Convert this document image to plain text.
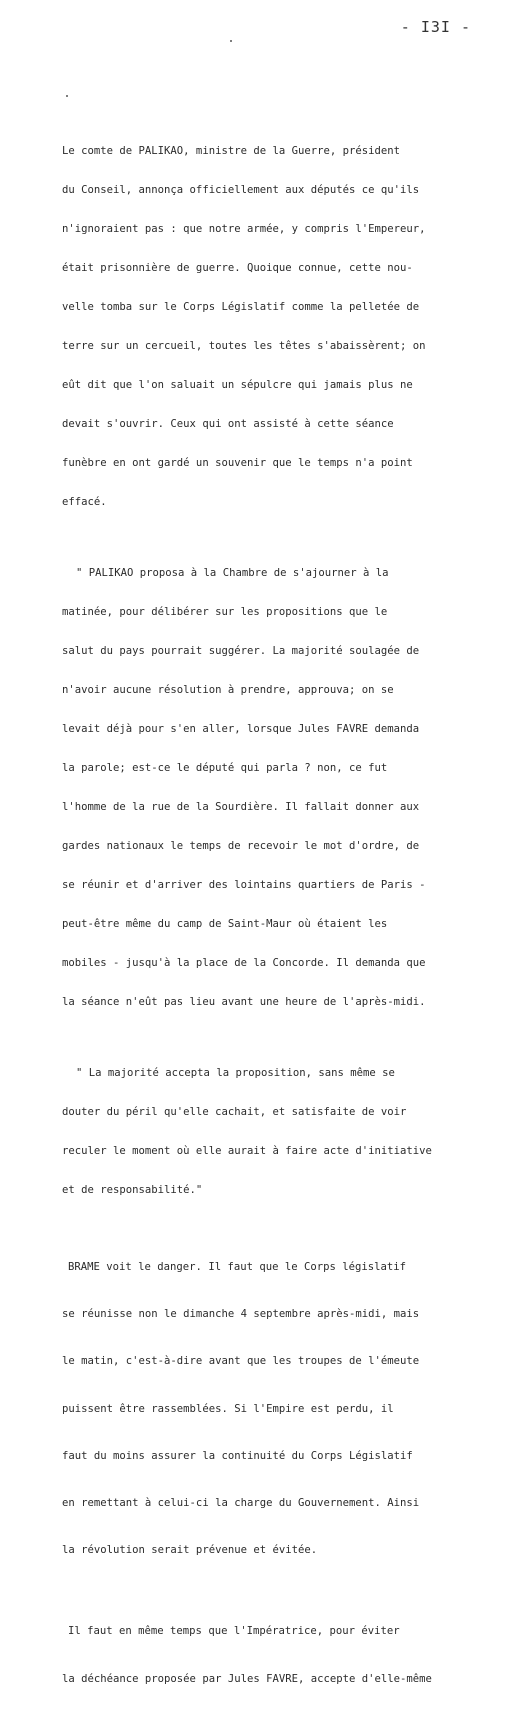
- I3I -

Le comte de PALIKAO, ministre de la Guerre, président

du Conseil, annonça officiellement aux députés ce qu'ils

n'ignoraient pas : que notre armée, y compris l'Empereur,

était prisonnière de guerre. Quoique connue, cette nou-

velle tomba sur le Corps Législatif comme la pelletée de

terre sur un cercueil, toutes les têtes s'abaissèrent; on

eût dit que l'on saluait un sépulcre qui jamais plus ne

devait s'ouvrir. Ceux qui ont assisté à cette séance

funèbre en ont gardé un souvenir que le temps n'a point

effacé.

" PALIKAO proposa à la Chambre de s'ajourner à la

matinée, pour délibérer sur les propositions que le

salut du pays pourrait suggérer. La majorité soulagée de

n'avoir aucune résolution à prendre, approuva; on se

levait déjà pour s'en aller, lorsque Jules FAVRE demanda

la parole; est-ce le député qui parla ? non, ce fut

l'homme de la rue de la Sourdière. Il fallait donner aux

gardes nationaux le temps de recevoir le mot d'ordre, de

se réunir et d'arriver des lointains quartiers de Paris -

peut-être même du camp de Saint-Maur où étaient les

mobiles - jusqu'à la place de la Concorde. Il demanda que

la séance n'eût pas lieu avant une heure de l'après-midi.

" La majorité accepta la proposition, sans même se

douter du péril qu'elle cachait, et satisfaite de voir

reculer le moment où elle aurait à faire acte d'initiative

et de responsabilité."

BRAME voit le danger. Il faut que le Corps législatif

se réunisse non le dimanche 4 septembre après-midi, mais

le matin, c'est-à-dire avant que les troupes de l'émeute

puissent être rassemblées. Si l'Empire est perdu, il

faut du moins assurer la continuité du Corps Législatif

en remettant à celui-ci la charge du Gouvernement. Ainsi

la révolution serait prévenue et évitée.

Il faut en même temps que l'Impératrice, pour éviter

la déchéance proposée par Jules FAVRE, accepte d'elle-même
